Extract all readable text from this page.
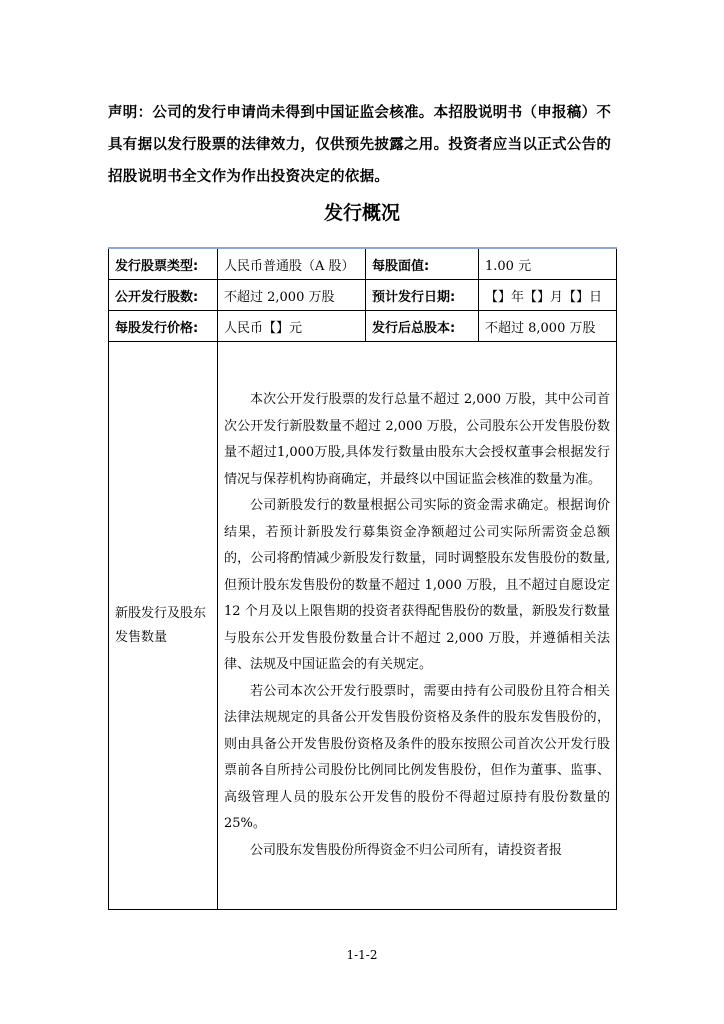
声明：公司的发行申请尚未得到中国证监会核准。本招股说明书（申报稿）不具有据以发行股票的法律效力，仅供预先披露之用。投资者应当以正式公告的招股说明书全文作为作出投资决定的依据。
发行概况
发行股票类型:	人民币普通股（A 股）	每股面值:	1.00 元
公开发行股数:	不超过 2,000 万股	预计发行日期:	【】年【】月【】日
每股发行价格:	人民币【】元	发行后总股本:	不超过 8,000 万股
新股发行及股东发售数量	本次公开发行股票的发行总量不超过 2,000 万股，其中公司首次公开发行新股数量不超过 2,000 万股，公司股东公开发售股份数量不超过1,000万股,具体发行数量由股东大会授权董事会根据发行情况与保荐机构协商确定，并最终以中国证监会核准的数量为准。

公司新股发行的数量根据公司实际的资金需求确定。根据询价结果，若预计新股发行募集资金净额超过公司实际所需资金总额的，公司将酌情减少新股发行数量，同时调整股东发售股份的数量,但预计股东发售股份的数量不超过 1,000 万股，且不超过自愿设定 12 个月及以上限售期的投资者获得配售股份的数量，新股发行数量与股东公开发售股份数量合计不超过 2,000 万股，并遵循相关法律、法规及中国证监会的有关规定。

若公司本次公开发行股票时，需要由持有公司股份且符合相关法律法规规定的具备公开发售股份资格及条件的股东发售股份的，则由具备公开发售股份资格及条件的股东按照公司首次公开发行股票前各自所持公司股份比例同比例发售股份，但作为董事、监事、高级管理人员的股东公开发售的股份不得超过原持有股份数量的 25%。

公司股东发售股份所得资金不归公司所有，请投资者报		

1-1-2
